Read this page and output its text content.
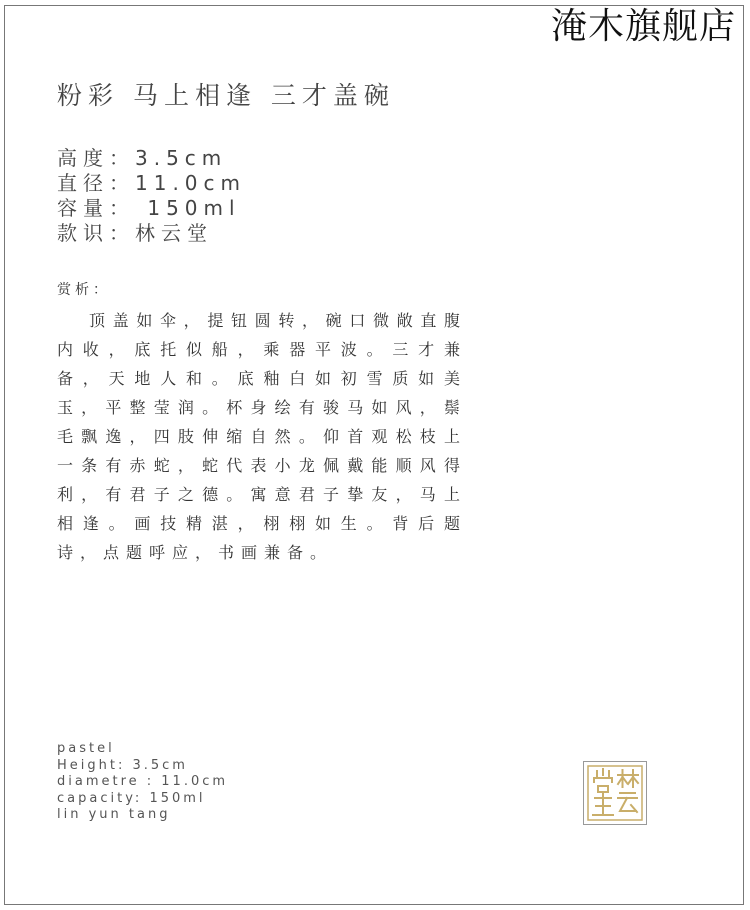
淹木旗舰店
粉彩 马上相逢 三才盖碗
高度：3.5cm
直径：11.0cm
容量： 150ml
款识：林云堂
赏析：

顶盖如伞，提钮圆转，碗口微敞直腹内收，底托似船，乘器平波。三才兼备，天地人和。底釉白如初雪质如美玉，平整莹润。杯身绘有骏马如风，鬃毛飘逸，四肢伸缩自然。仰首观松枝上一条有赤蛇，蛇代表小龙佩戴能顺风得利，有君子之德。寓意君子挚友，马上相逢。画技精湛，栩栩如生。背后题诗，点题呼应，书画兼备。

pastel
Height: 3.5cm
diametre : 11.0cm
capacity: 150ml
lin yun tang
